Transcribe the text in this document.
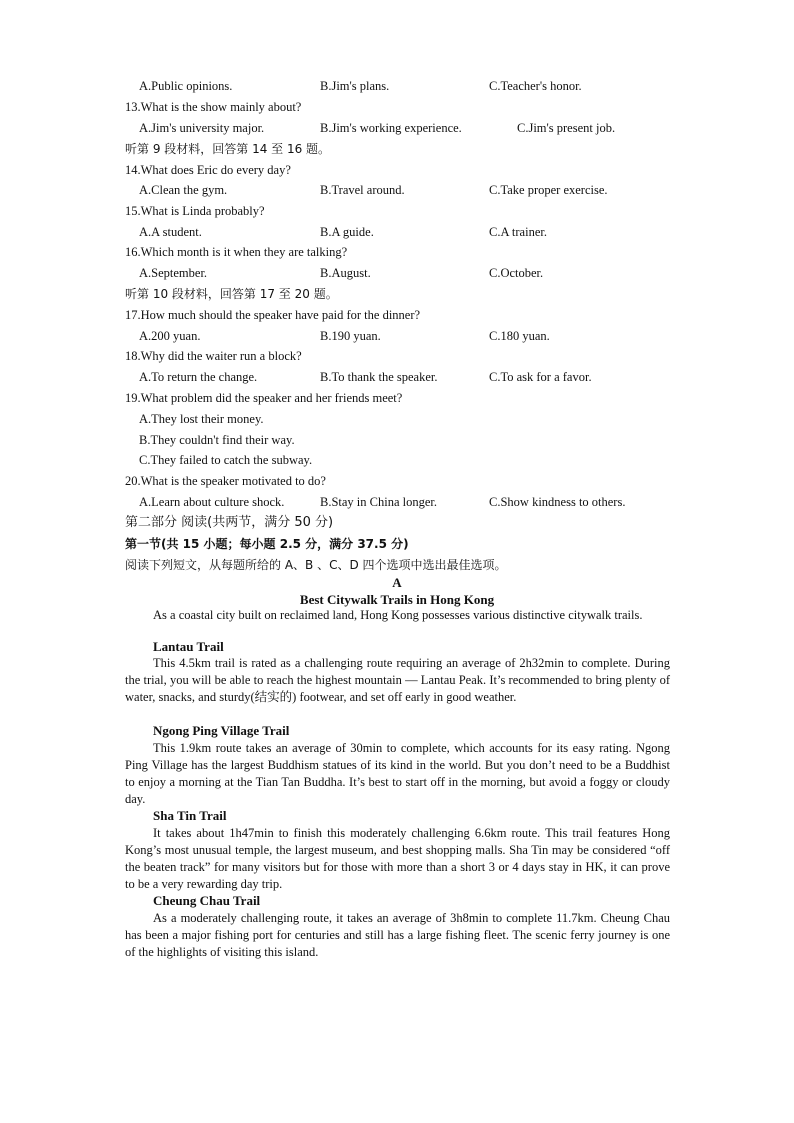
A.Public opinions.	B.Jim's plans.	C.Teacher's honor.
13.What is the show mainly about?
A.Jim's university major.	B.Jim's working experience.	C.Jim's present job.
听第 9 段材料，回答第 14 至 16 题。
14.What does Eric do every day?
A.Clean the gym.	B.Travel around.	C.Take proper exercise.
15.What is Linda probably?
A.A student.	B.A guide.	C.A trainer.
16.Which month is it when they are talking?
A.September.	B.August.	C.October.
听第 10 段材料，回答第 17 至 20 题。
17.How much should the speaker have paid for the dinner?
A.200 yuan.	B.190 yuan.	C.180 yuan.
18.Why did the waiter run a block?
A.To return the change.	B.To thank the speaker.	C.To ask for a favor.
19.What problem did the speaker and her friends meet?
A.They lost their money.
B.They couldn't find their way.
C.They failed to catch the subway.
20.What is the speaker motivated to do?
A.Learn about culture shock.	B.Stay in China longer.	C.Show kindness to others.
第二部分 阅读(共两节，满分 50 分)
第一节(共 15 小题；每小题 2.5 分，满分 37.5 分)
阅读下列短文，从每题所给的 A、B 、C、D 四个选项中选出最佳选项。
A
Best Citywalk Trails in Hong Kong
As a coastal city built on reclaimed land, Hong Kong possesses various distinctive citywalk trails.
Lantau Trail
This 4.5km trail is rated as a challenging route requiring an average of 2h32min to complete. During the trial, you will be able to reach the highest mountain — Lantau Peak. It’s recommended to bring plenty of water, snacks, and sturdy(结实的) footwear, and set off early in good weather.
Ngong Ping Village Trail
This 1.9km route takes an average of 30min to complete, which accounts for its easy rating. Ngong Ping Village has the largest Buddhism statues of its kind in the world. But you don’t need to be a Buddhist to enjoy a morning at the Tian Tan Buddha. It’s best to start off in the morning, but avoid a foggy or cloudy day.
Sha Tin Trail
It takes about 1h47min to finish this moderately challenging 6.6km route. This trail features Hong Kong’s most unusual temple, the largest museum, and best shopping malls. Sha Tin may be considered “off the beaten track” for many visitors but for those with more than a short 3 or 4 days stay in HK, it can prove to be a very rewarding day trip.
Cheung Chau Trail
As a moderately challenging route, it takes an average of 3h8min to complete 11.7km. Cheung Chau has been a major fishing port for centuries and still has a large fishing fleet. The scenic ferry journey is one of the highlights of visiting this island.
